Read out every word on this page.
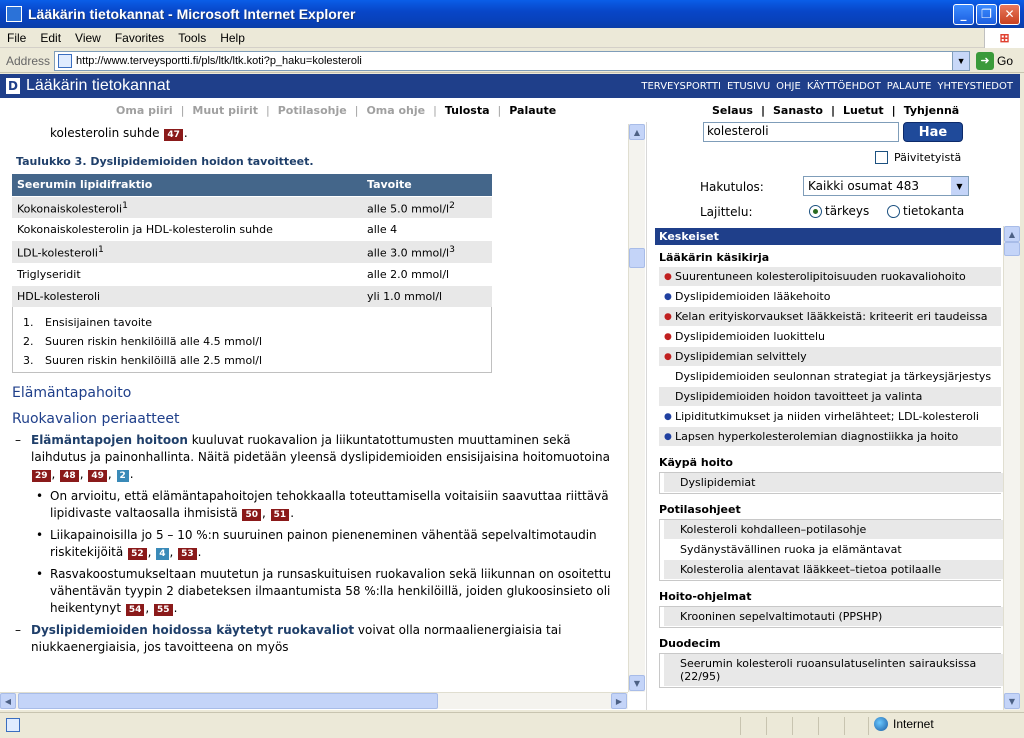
Lääkärin tietokannat - Microsoft Internet Explorer	_	❐	✕
File	Edit	View	Favorites	Tools	Help	⊞
Address	http://www.terveysportti.fi/pls/ltk/ltk.koti?p_haku=kolesteroli	▼	➜ Go
D Lääkärin tietokannat	TERVEYSPORTTI ETUSIVU OHJE KÄYTTÖEHDOT PALAUTE YHTEYSTIEDOT
Oma piiri | Muut piirit | Potilasohje | Oma ohje | Tulosta | Palaute	Selaus | Sanasto | Luetut | Tyhjennä
kolesterolin suhde 47 .
Taulukko 3. Dyslipidemioiden hoidon tavoitteet.
Seerumin lipidifraktio	Tavoite
Kokonaiskolesteroli$^1$	alle 5.0 mmol/$l^2$
Kokonaiskolesterolin ja HDL-kolesterolin suhde	alle 4
LDL-kolesteroli$^1$	alle 3.0 mmol/$l^3$
Triglyseridit	alle 2.0 mmol/l
HDL-kolesteroli	yli 1.0 mmol/l
1. Ensisijainen tavoite
2. Suuren riskin henkilöillä alle 4.5 mmol/l
3. Suuren riskin henkilöillä alle 2.5 mmol/l
Elämäntapahoito
Ruokavalion periaatteet
– Elämäntapojen hoitoon kuuluvat ruokavalion ja liikuntatottumusten muuttaminen sekä laihdutus ja painonhallinta. Näitä pidetään yleensä dyslipidemioiden ensisijaisina hoitomuotoina 29 , 48 , 49 , 2 .
• On arvioitu, että elämäntapahoitojen tehokkaalla toteuttamisella voitaisiin saavuttaa riittävä lipidivaste valtaosalla ihmisistä 50 , 51 .
• Liikapainoisilla jo 5 – 10 %:n suuruinen painon pieneneminen vähentää sepelvaltimotaudin riskitekijöitä 52 , 4 , 53 .
• Rasvakoostumukseltaan muutetun ja runsaskuituisen ruokavalion sekä liikunnan on osoitettu vähentävän tyypin 2 diabeteksen ilmaantumista 58 %:lla henkilöillä, joiden glukoosinsieto oli heikentynyt 54 , 55 .
– Dyslipidemioiden hoidossa käytetyt ruokavaliot voivat olla normaalienergiaisia tai niukkaenergiaisia, jos tavoitteena on myös
▲
▼
◀	▶
kolesteroli	Hae
Päivitetyistä
Hakutulos:	Kaikki osumat 483	▼
Lajittelu:	tärkeys	tietokanta
Keskeiset
Lääkärin käsikirja
● Suurentuneen kolesterolipitoisuuden ruokavaliohoito
● Dyslipidemioiden lääkehoito
● Kelan erityiskorvaukset lääkkeistä: kriteerit eri taudeissa
● Dyslipidemioiden luokittelu
● Dyslipidemian selvittely
Dyslipidemioiden seulonnan strategiat ja tärkeysjärjestys
Dyslipidemioiden hoidon tavoitteet ja valinta
● Lipiditutkimukset ja niiden virhelähteet; LDL-kolesteroli
● Lapsen hyperkolesterolemian diagnostiikka ja hoito
Käypä hoito
Dyslipidemiat
Potilasohjeet
Kolesteroli kohdalleen–potilasohje
Sydänystävällinen ruoka ja elämäntavat
Kolesterolia alentavat lääkkeet–tietoa potilaalle
Hoito-ohjelmat
Krooninen sepelvaltimotauti (PPSHP)
Duodecim
Seerumin kolesteroli ruoansulatuselinten sairauksissa (22/95)
▲
▼
Internet
